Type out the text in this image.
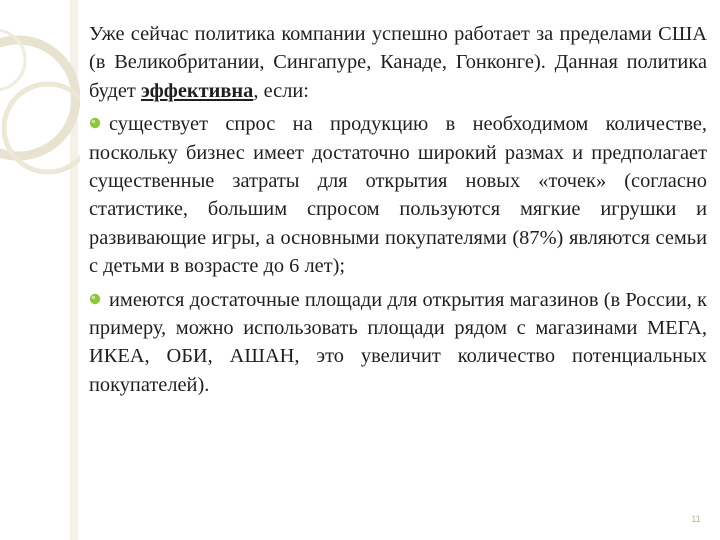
Уже сейчас политика компании успешно работает за пределами США (в Великобритании, Сингапуре, Канаде, Гонконге). Данная политика будет эффективна, если:

существует спрос на продукцию в необходимом количестве, поскольку бизнес имеет достаточно широкий размах и предполагает существенные затраты для открытия новых «точек» (согласно статистике, большим спросом пользуются мягкие игрушки и развивающие игры, а основными покупателями (87%) являются семьи с детьми в возрасте до 6 лет);

имеются достаточные площади для открытия магазинов (в России, к примеру, можно использовать площади рядом с магазинами МЕГА, ИКЕА, ОБИ, АШАН, это увеличит количество потенциальных покупателей).

11
